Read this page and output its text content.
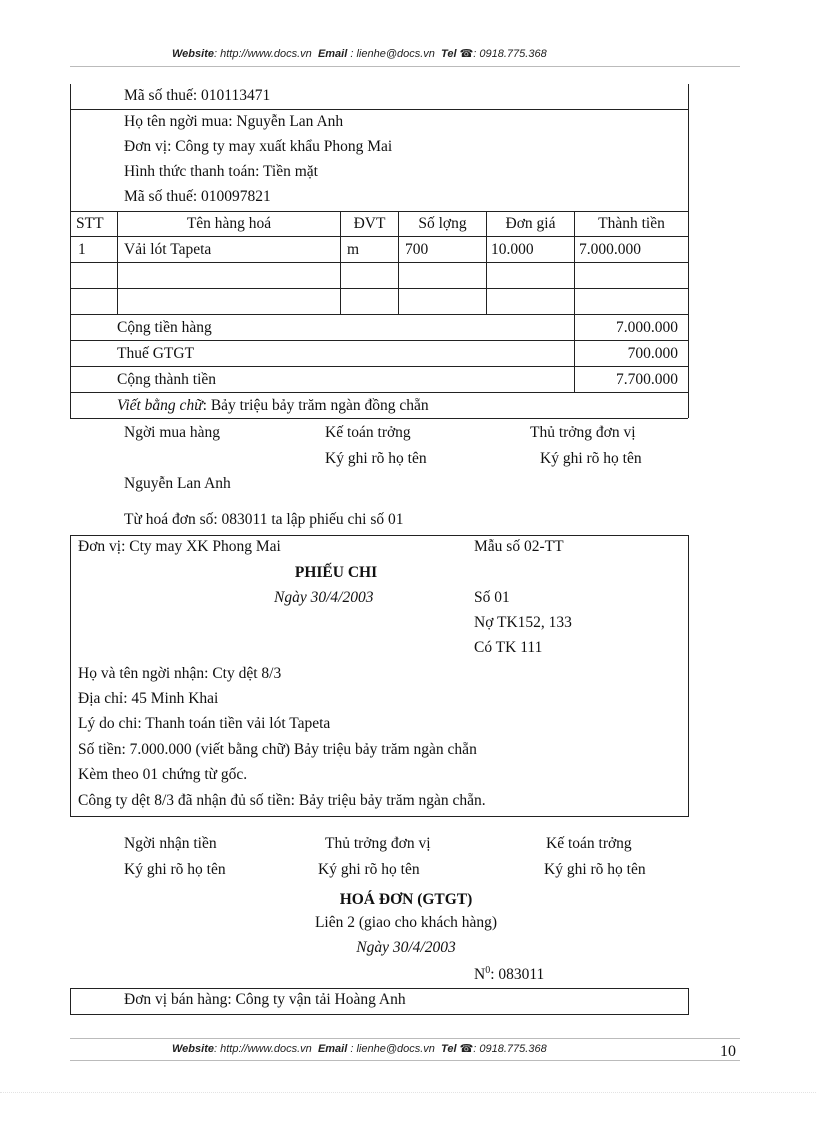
Website: http://www.docs.vn Email : lienhe@docs.vn Tel ☎: 0918.775.368
Mã số thuế: 010113471
Họ tên ngời mua: Nguyễn Lan Anh
Đơn vị: Công ty may xuất khẩu Phong Mai
Hình thức thanh toán: Tiền mặt
Mã số thuế: 010097821
STT	Tên hàng hoá	ĐVT	Số lợng	Đơn giá	Thành tiền
1 Vải lót Tapeta	m	700	10.000	7.000.000
Cộng tiền hàng	7.000.000
Thuế GTGT	700.000
Cộng thành tiền	7.700.000
Viết bằng chữ: Bảy triệu bảy trăm ngàn đồng chẵn
Ngời mua hàng	Kế toán trởng	Thủ trởng đơn vị
Ký ghi rõ họ tên	Ký ghi rõ họ tên
Nguyễn Lan Anh
Từ hoá đơn số: 083011 ta lập phiếu chi số 01
Đơn vị: Cty may XK Phong Mai	Mẫu số 02-TT
PHIẾU CHI
Ngày 30/4/2003	Số 01
Nợ TK152, 133
Có TK 111
Họ và tên ngời nhận: Cty dệt 8/3
Địa chỉ: 45 Minh Khai
Lý do chi: Thanh toán tiền vải lót Tapeta
Số tiền: 7.000.000 (viết bằng chữ) Bảy triệu bảy trăm ngàn chẵn
Kèm theo 01 chứng từ gốc.
Công ty dệt 8/3 đã nhận đủ số tiền: Bảy triệu bảy trăm ngàn chẵn.
Ngời nhận tiền	Thủ trởng đơn vị	Kế toán trởng
Ký ghi rõ họ tên	Ký ghi rõ họ tên	Ký ghi rõ họ tên
HOÁ ĐƠN (GTGT)
Liên 2 (giao cho khách hàng)
Ngày 30/4/2003
$N^0$: 083011
Đơn vị bán hàng: Công ty vận tải Hoàng Anh
Website: http://www.docs.vn Email : lienhe@docs.vn Tel ☎: 0918.775.368	10
